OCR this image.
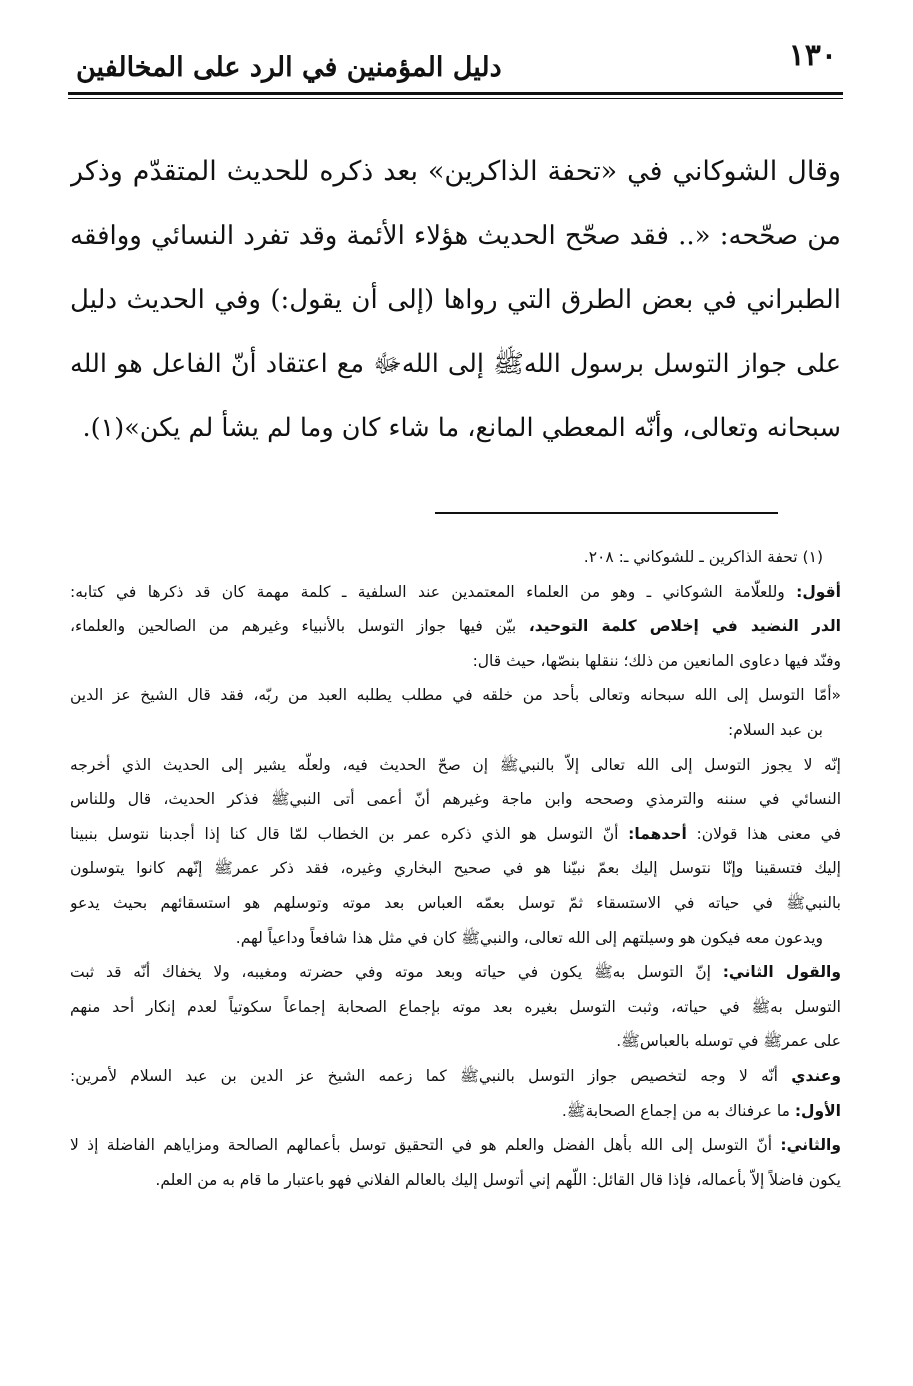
١٣٠
دليل المؤمنين في الرد على المخالفين
وقال الشوكاني في «تحفة الذاكرين» بعد ذكره للحديث المتقدّم وذكر
من صحّحه: «.. فقد صحّح الحديث هؤلاء الأئمة وقد تفرد النسائي ووافقه
الطبراني في بعض الطرق التي رواها (إلى أن يقول:) وفي الحديث دليل
على جواز التوسل برسول اللهﷺ إلى اللهﷻ مع اعتقاد أنّ الفاعل هو الله
سبحانه وتعالى، وأنّه المعطي المانع، ما شاء كان وما لم يشأ لم يكن»(١).
(١) تحفة الذاكرين ـ للشوكاني ـ: ٢٠٨.
أقول: وللعلّامة الشوكاني ـ وهو من العلماء المعتمدين عند السلفية ـ كلمة مهمة كان قد ذكرها في كتابه:
الدر النضيد في إخلاص كلمة التوحيد، بيّن فيها جواز التوسل بالأنبياء وغيرهم من الصالحين والعلماء،
وفنّد فيها دعاوى المانعين من ذلك؛ ننقلها بنصّها، حيث قال:
«أمّا التوسل إلى الله سبحانه وتعالى بأحد من خلقه في مطلب يطلبه العبد من ربّه، فقد قال الشيخ عز الدين
بن عبد السلام:
إنّه لا يجوز التوسل إلى الله تعالى إلاّ بالنبيﷺ إن صحّ الحديث فيه، ولعلّه يشير إلى الحديث الذي أخرجه
النسائي في سننه والترمذي وصححه وابن ماجة وغيرهم أنّ أعمى أتى النبيﷺ فذكر الحديث، قال وللناس
في معنى هذا قولان: أحدهما: أنّ التوسل هو الذي ذكره عمر بن الخطاب لمّا قال كنا إذا أجدبنا نتوسل بنبينا
إليك فتسقينا وإنّا نتوسل إليك بعمّ نبيّنا هو في صحيح البخاري وغيره، فقد ذكر عمرﷺ إنّهم كانوا يتوسلون
بالنبيﷺ في حياته في الاستسقاء ثمّ توسل بعمّه العباس بعد موته وتوسلهم هو استسقائهم بحيث يدعو
ويدعون معه فيكون هو وسيلتهم إلى الله تعالى، والنبيﷺ كان في مثل هذا شافعاً وداعياً لهم.
والقول الثاني: إنّ التوسل بهﷺ يكون في حياته وبعد موته وفي حضرته ومغيبه، ولا يخفاك أنّه قد ثبت
التوسل بهﷺ في حياته، وثبت التوسل بغيره بعد موته بإجماع الصحابة إجماعاً سكوتياً لعدم إنكار أحد منهم
على عمرﷺ في توسله بالعباسﷺ.
وعندي أنّه لا وجه لتخصيص جواز التوسل بالنبيﷺ كما زعمه الشيخ عز الدين بن عبد السلام لأمرين:
الأول: ما عرفناك به من إجماع الصحابةﷺ.
والثاني: أنّ التوسل إلى الله بأهل الفضل والعلم هو في التحقيق توسل بأعمالهم الصالحة ومزاياهم الفاضلة إذ لا
يكون فاضلاً إلاّ بأعماله، فإذا قال القائل: اللّهم إني أتوسل إليك بالعالم الفلاني فهو باعتبار ما قام به من العلم.
